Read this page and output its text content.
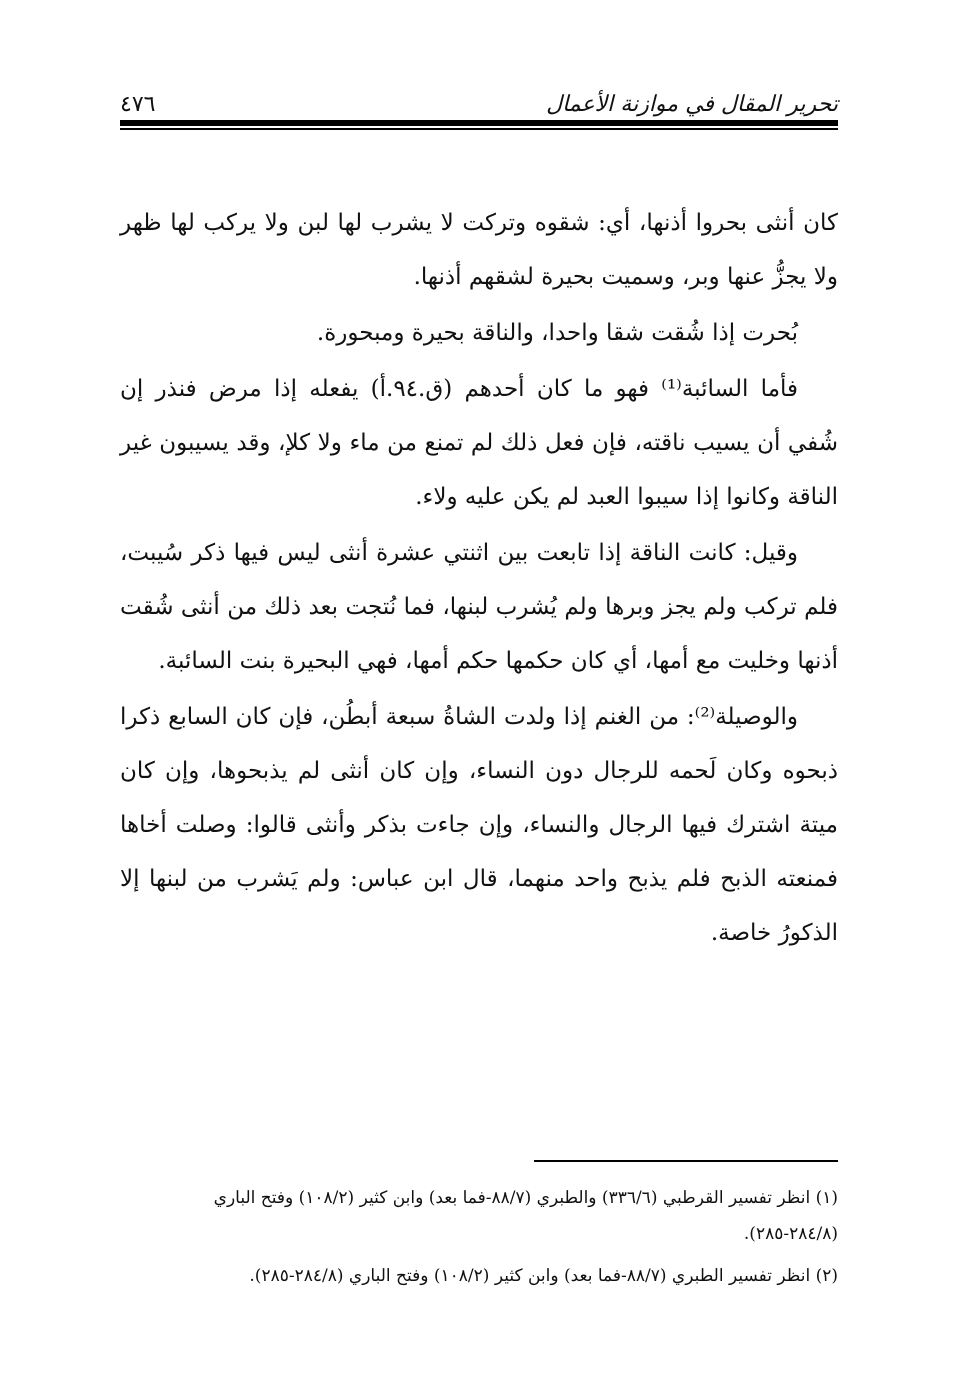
تحرير المقال في موازنة الأعمال
٤٧٦

كان أنثى بحروا أذنها، أي: شقوه وتركت لا يشرب لها لبن ولا يركب لها ظهر ولا يجزُّ عنها وبر، وسميت بحيرة لشقهم أذنها.

بُحرت إذا شُقت شقا واحدا، والناقة بحيرة ومبحورة.

فأما السائبة⁽¹⁾ فهو ما كان أحدهم (ق.٩٤.أ) يفعله إذا مرض فنذر إن شُفي أن يسيب ناقته، فإن فعل ذلك لم تمنع من ماء ولا كلإ، وقد يسيبون غير الناقة وكانوا إذا سيبوا العبد لم يكن عليه ولاء.

وقيل: كانت الناقة إذا تابعت بين اثنتي عشرة أنثى ليس فيها ذكر سُيبت، فلم تركب ولم يجز وبرها ولم يُشرب لبنها، فما نُتجت بعد ذلك من أنثى شُقت أذنها وخليت مع أمها، أي كان حكمها حكم أمها، فهي البحيرة بنت السائبة.

والوصيلة⁽²⁾: من الغنم إذا ولدت الشاةُ سبعة أبطُن، فإن كان السابع ذكرا ذبحوه وكان لَحمه للرجال دون النساء، وإن كان أنثى لم يذبحوها، وإن كان ميتة اشترك فيها الرجال والنساء، وإن جاءت بذكر وأنثى قالوا: وصلت أخاها فمنعته الذبح فلم يذبح واحد منهما، قال ابن عباس: ولم يَشرب من لبنها إلا الذكورُ خاصة.

(١) انظر تفسير القرطبي (٣٣٦/٦) والطبري (٨٨/٧-فما بعد) وابن كثير (١٠٨/٢) وفتح الباري (٢٨٤/٨-٢٨٥).

(٢) انظر تفسير الطبري (٨٨/٧-فما بعد) وابن كثير (١٠٨/٢) وفتح الباري (٢٨٤/٨-٢٨٥).
